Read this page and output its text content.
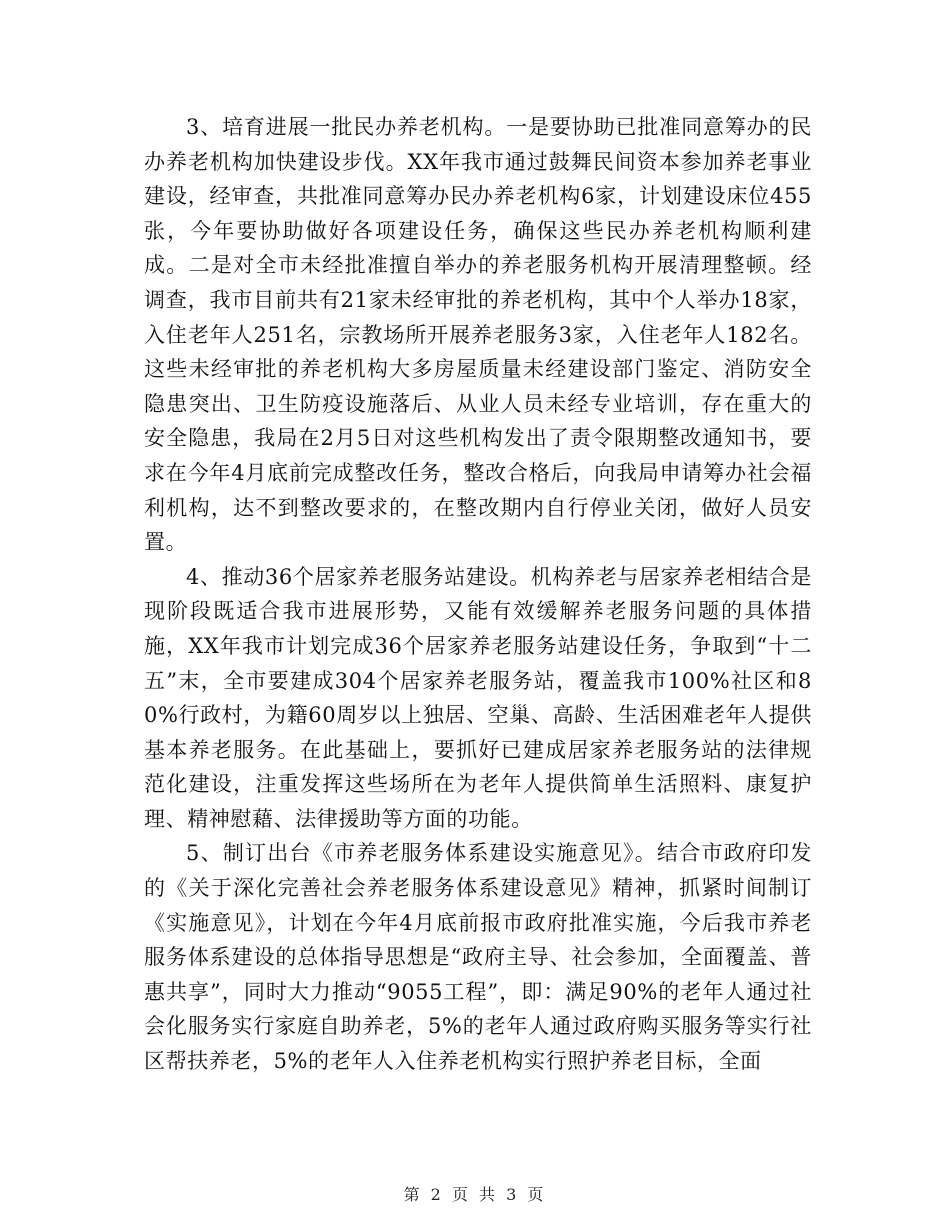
3、培育进展一批民办养老机构。一是要协助已批准同意筹办的民办养老机构加快建设步伐。XX年我市通过鼓舞民间资本参加养老事业建设，经审查，共批准同意筹办民办养老机构6家，计划建设床位455张，今年要协助做好各项建设任务，确保这些民办养老机构顺利建成。二是对全市未经批准擅自举办的养老服务机构开展清理整顿。经调查，我市目前共有21家未经审批的养老机构，其中个人举办18家，入住老年人251名，宗教场所开展养老服务3家，入住老年人182名。这些未经审批的养老机构大多房屋质量未经建设部门鉴定、消防安全隐患突出、卫生防疫设施落后、从业人员未经专业培训，存在重大的安全隐患，我局在2月5日对这些机构发出了责令限期整改通知书，要求在今年4月底前完成整改任务，整改合格后，向我局申请筹办社会福利机构，达不到整改要求的，在整改期内自行停业关闭，做好人员安置。

4、推动36个居家养老服务站建设。机构养老与居家养老相结合是现阶段既适合我市进展形势，又能有效缓解养老服务问题的具体措施，XX年我市计划完成36个居家养老服务站建设任务，争取到“十二五”末，全市要建成304个居家养老服务站，覆盖我市100%社区和80%行政村，为籍60周岁以上独居、空巢、高龄、生活困难老年人提供基本养老服务。在此基础上，要抓好已建成居家养老服务站的法律规范化建设，注重发挥这些场所在为老年人提供简单生活照料、康复护理、精神慰藉、法律援助等方面的功能。

5、制订出台《市养老服务体系建设实施意见》。结合市政府印发的《关于深化完善社会养老服务体系建设意见》精神，抓紧时间制订《实施意见》，计划在今年4月底前报市政府批准实施，今后我市养老服务体系建设的总体指导思想是“政府主导、社会参加，全面覆盖、普惠共享”，同时大力推动“9055工程”，即：满足90%的老年人通过社会化服务实行家庭自助养老，5%的老年人通过政府购买服务等实行社区帮扶养老，5%的老年人入住养老机构实行照护养老目标，全面

第 2 页 共 3 页
